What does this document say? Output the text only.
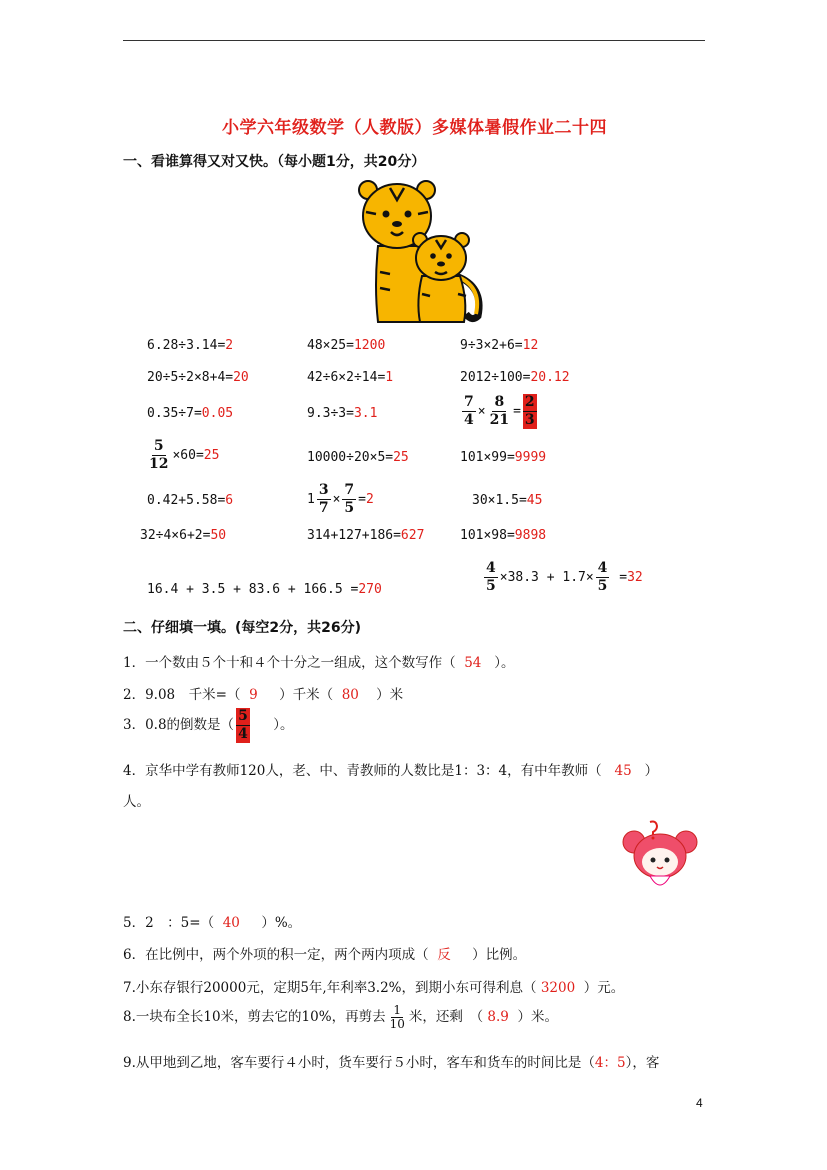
小学六年级数学（人教版）多媒体暑假作业二十四
一、看谁算得又对又快。（每小题1分，共20分）
6.28÷3.14=2	48×25=1200	9÷3×2+6=12
20÷5÷2×8+4=20	42÷6×2÷14=1	2012÷100=20.12
0.35÷7=0.05	9.3÷3=3.1	$\frac{7}{4} \times \frac{8}{21} = \frac{2}{3}$
$\frac{5}{12} \times 60=25$	10000÷20×5=25	101×99=9999
0.42+5.58=6	$1 \frac{3}{7} \times \frac{7}{5} =2$	30×1.5=45
32÷4×6+2=50	314+127+186=627	101×98=9898
16.4 + 3.5 + 83.6 + 166.5 =270	$\frac{4}{5} \times 38.3 + 1.7\times \frac{4}{5} =32$
二、仔细填一填。(每空2分，共26分)
1．一个数由５个十和４个十分之一组成，这个数写作（ 54 ）。
2．9.08　千米=（ 9 ）千米（ 80 ）米
3．0.8的倒数是（ $\frac{5}{4}$ ）。
4．京华中学有教师120人，老、中、青教师的人数比是1：3：4，有中年教师（ 45 ）
人。
5．2　：5=（ 40 ）%。
6．在比例中，两个外项的积一定，两个两内项成（ 反 ）比例。
7.小东存银行20000元，定期5年,年利率3.2%，到期小东可得利息（ 3200 ）元。
8.一块布全长10米，剪去它的10%，再剪去 $\frac{1}{10}$ 米，还剩　（ 8.9 ）米。
9.从甲地到乙地，客车要行４小时，货车要行５小时，客车和货车的时间比是（4：5），客
4
